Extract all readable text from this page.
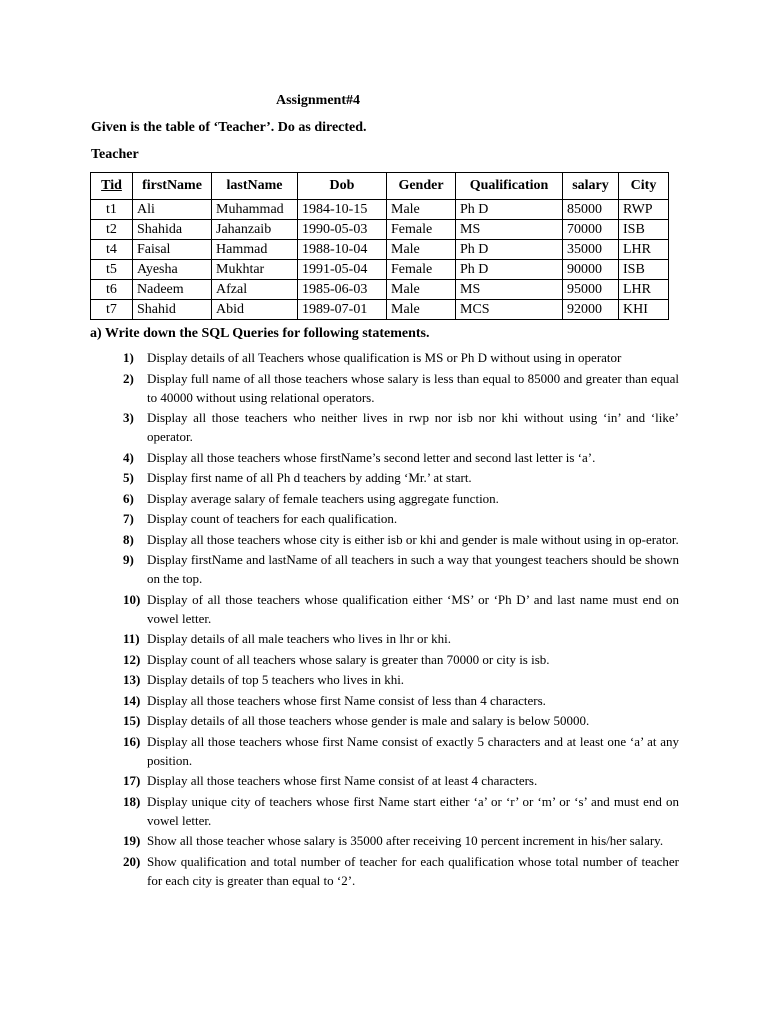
Assignment#4
Given is the table of ‘Teacher’. Do as directed.
Teacher
Tid	firstName	lastName	Dob	Gender	Qualification	salary	City
t1	Ali	Muhammad	1984-10-15	Male	Ph D	85000	RWP
t2	Shahida	Jahanzaib	1990-05-03	Female	MS	70000	ISB
t4	Faisal	Hammad	1988-10-04	Male	Ph D	35000	LHR
t5	Ayesha	Mukhtar	1991-05-04	Female	Ph D	90000	ISB
t6	Nadeem	Afzal	1985-06-03	Male	MS	95000	LHR
t7	Shahid	Abid	1989-07-01	Male	MCS	92000	KHI
a) Write down the SQL Queries for following statements.
1)	Display details of all Teachers whose qualification is MS or Ph D without using in operator
2)	Display full name of all those teachers whose salary is less than equal to 85000 and greater than equal to 40000 without using relational operators.
3)	Display all those teachers who neither lives in rwp nor isb nor khi without using ‘in’ and ‘like’ operator.
4)	Display all those teachers whose firstName’s second letter and second last letter is ‘a’.
5)	Display first name of all Ph d teachers by adding ‘Mr.’ at start.
6)	Display average salary of female teachers using aggregate function.
7)	Display count of teachers for each qualification.
8)	Display all those teachers whose city is either isb or khi and gender is male without using in op-erator.
9)	Display firstName and lastName of all teachers in such a way that youngest teachers should be shown on the top.
10) Display of all those teachers whose qualification either ‘MS’ or ‘Ph D’ and last name must end on vowel letter.
11) Display details of all male teachers who lives in lhr or khi.
12) Display count of all teachers whose salary is greater than 70000 or city is isb.
13) Display details of top 5 teachers who lives in khi.
14) Display all those teachers whose first Name consist of less than 4 characters.
15) Display details of all those teachers whose gender is male and salary is below 50000.
16) Display all those teachers whose first Name consist of exactly 5 characters and at least one ‘a’ at any position.
17) Display all those teachers whose first Name consist of at least 4 characters.
18) Display unique city of teachers whose first Name start either ‘a’ or ‘r’ or ‘m’ or ‘s’ and must end on vowel letter.
19) Show all those teacher whose salary is 35000 after receiving 10 percent increment in his/her salary.
20) Show qualification and total number of teacher for each qualification whose total number of teacher for each city is greater than equal to ‘2’.
